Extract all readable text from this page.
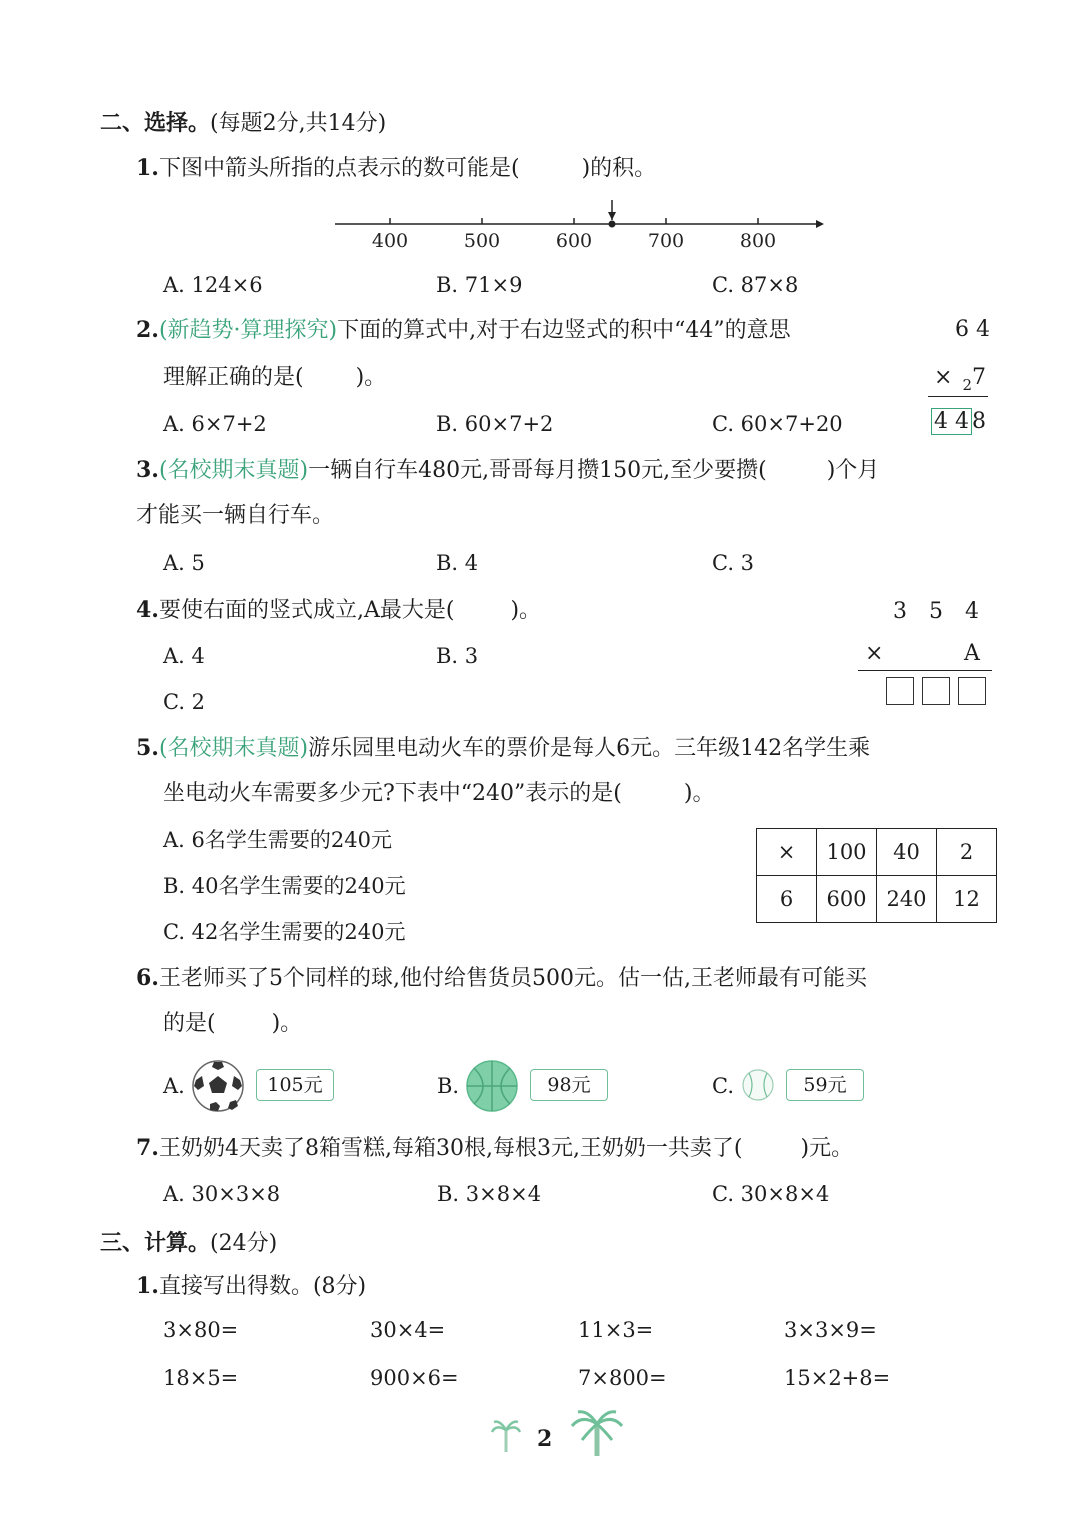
二、选择。(每题2分,共14分)
1.下图中箭头所指的点表示的数可能是(	)的积。
400	500	600	700	800
A. 124×6	B. 71×9	C. 87×8
2.(新趋势·算理探究)下面的算式中,对于右边竖式的积中“44”的意思
理解正确的是( )。
6 4
× $_2$7
4 4 8
A. 6×7+2	B. 60×7+2	C. 60×7+20
3.(名校期末真题)一辆自行车480元,哥哥每月攒150元,至少要攒(	)个月
才能买一辆自行车。
A. 5	B. 4	C. 3
4.要使右面的竖式成立,A最大是(	)。	3 5 4
×	A
A. 4	B. 3
C. 2
5.(名校期末真题)游乐园里电动火车的票价是每人6元。三年级142名学生乘
坐电动火车需要多少元?下表中“240”表示的是(	)。
A. 6名学生需要的240元
B. 40名学生需要的240元
C. 42名学生需要的240元
×	100	40	2
6	600	240	12
6.王老师买了5个同样的球,他付给售货员500元。估一估,王老师最有可能买
的是(	)。
A.	105元	B.	98元	C.	59元
7.王奶奶4天卖了8箱雪糕,每箱30根,每根3元,王奶奶一共卖了(	)元。
A. 30×3×8	B. 3×8×4	C. 30×8×4
三、计算。(24分)
1.直接写出得数。(8分)
3×80=	30×4=	11×3=	3×3×9=
18×5=	900×6=	7×800=	15×2+8=
2
